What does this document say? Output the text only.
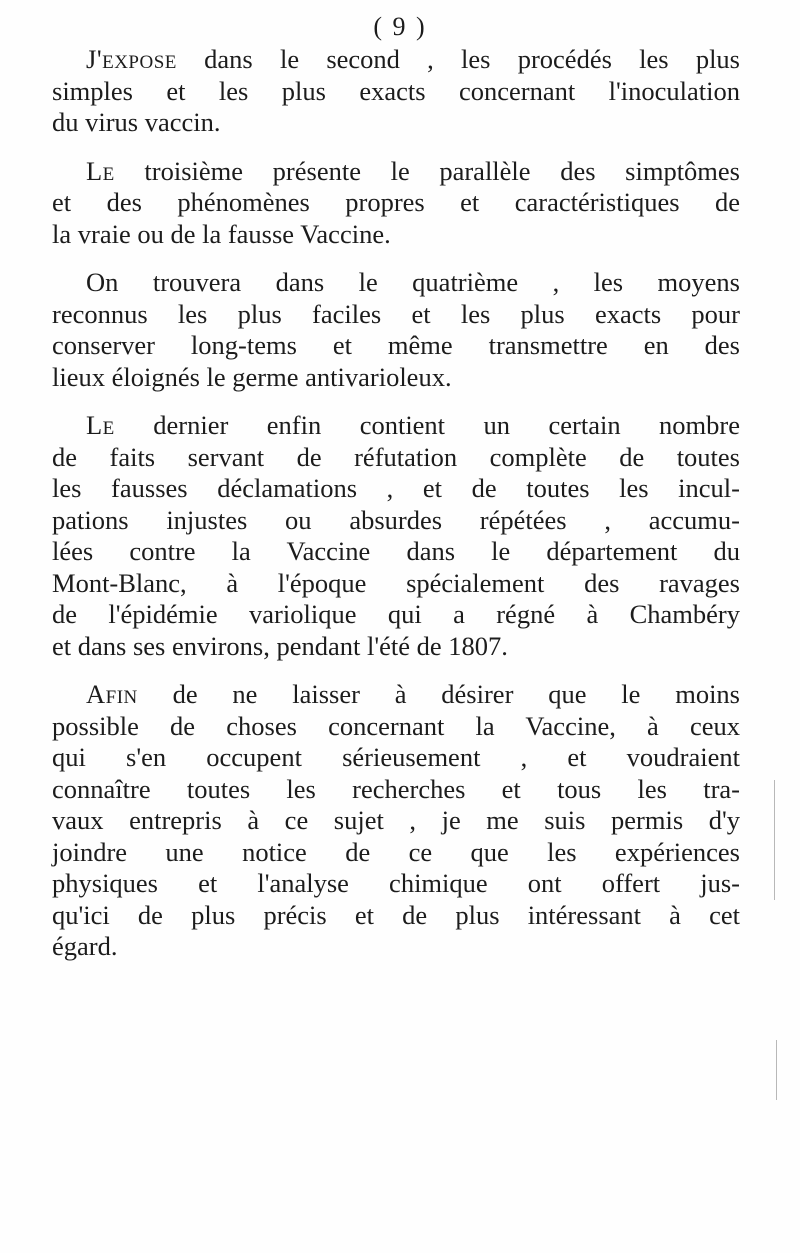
( 9 )

J'expose dans le second , les procédés les plus
simples et les plus exacts concernant l'inoculation
du virus vaccin.

Le troisième présente le parallèle des simptômes
et des phénomènes propres et caractéristiques de
la vraie ou de la fausse Vaccine.

On trouvera dans le quatrième , les moyens
reconnus les plus faciles et les plus exacts pour
conserver long-tems et même transmettre en des
lieux éloignés le germe antivarioleux.

Le dernier enfin contient un certain nombre
de faits servant de réfutation complète de toutes
les fausses déclamations , et de toutes les incul-
pations injustes ou absurdes répétées , accumu-
lées contre la Vaccine dans le département du
Mont-Blanc, à l'époque spécialement des ravages
de l'épidémie variolique qui a régné à Chambéry
et dans ses environs, pendant l'été de 1807.

Afin de ne laisser à désirer que le moins
possible de choses concernant la Vaccine, à ceux
qui s'en occupent sérieusement , et voudraient
connaître toutes les recherches et tous les tra-
vaux entrepris à ce sujet , je me suis permis d'y
joindre une notice de ce que les expériences
physiques et l'analyse chimique ont offert jus-
qu'ici de plus précis et de plus intéressant à cet
égard.
